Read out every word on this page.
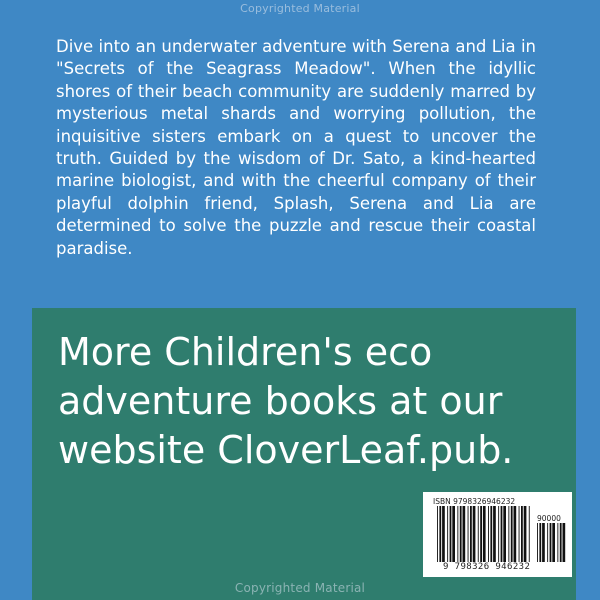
Copyrighted Material

Dive into an underwater adventure with Serena and Lia in "Secrets of the Seagrass Meadow". When the idyllic shores of their beach community are suddenly marred by mysterious metal shards and worrying pollution, the inquisitive sisters embark on a quest to uncover the truth. Guided by the wisdom of Dr. Sato, a kind-hearted marine biologist, and with the cheerful company of their playful dolphin friend, Splash, Serena and Lia are determined to solve the puzzle and rescue their coastal paradise.

More Children's eco adventure books at our website CloverLeaf.pub.

ISBN 9798326946232
90000
9 798326 946232
Copyrighted Material
